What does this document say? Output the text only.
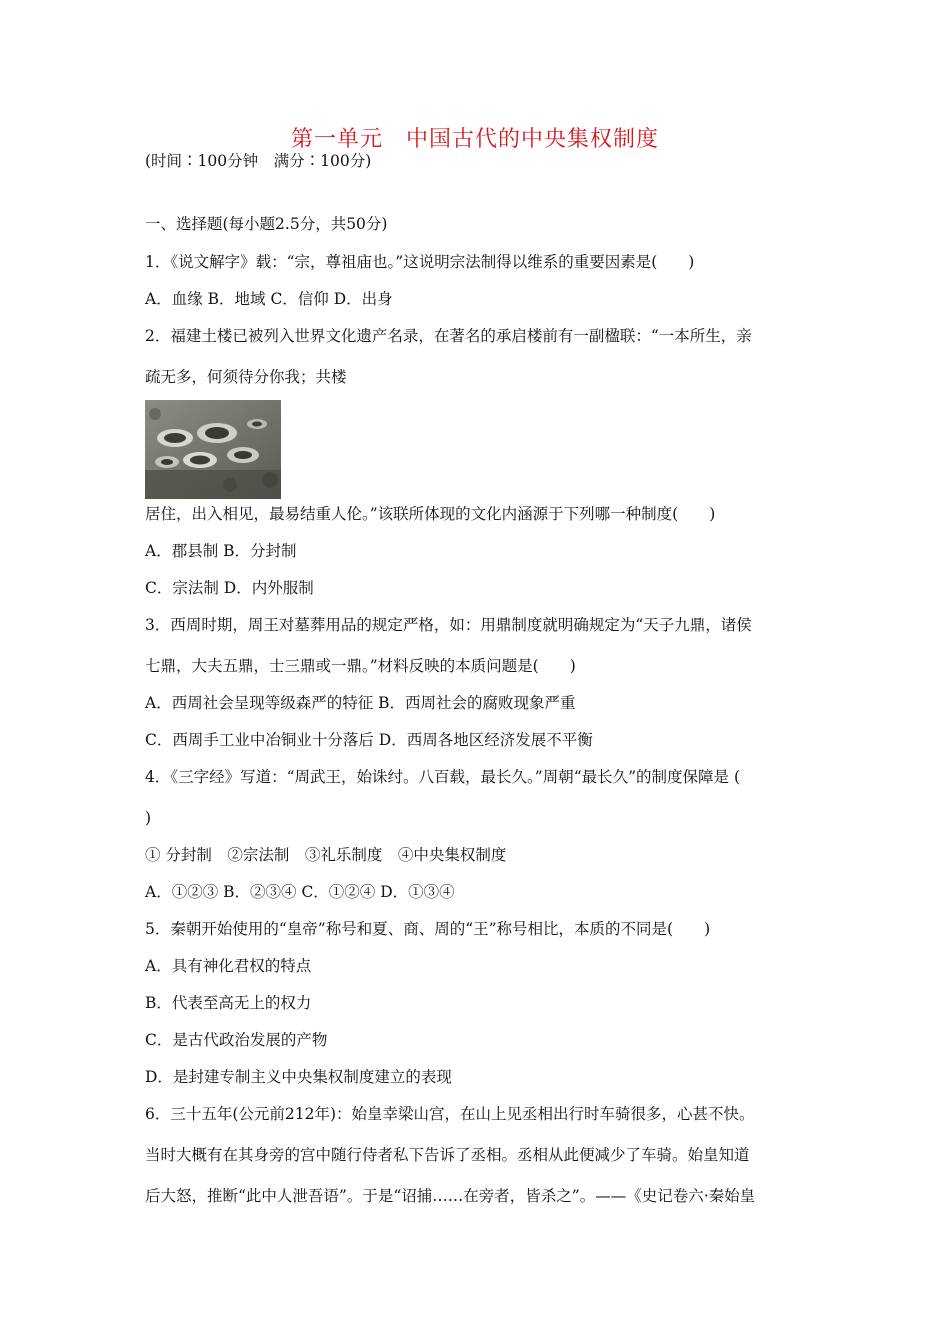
第一单元　中国古代的中央集权制度
(时间∶100分钟　满分∶100分)
一、选择题(每小题2.5分，共50分)
1．《说文解字》载：“宗，尊祖庙也。”这说明宗法制得以维系的重要因素是(　　)
A．血缘 B．地域 C．信仰 D．出身
2．福建土楼已被列入世界文化遗产名录，在著名的承启楼前有一副楹联：“一本所生，亲
疏无多，何须待分你我；共楼
居住，出入相见，最易结重人伦。”该联所体现的文化内涵源于下列哪一种制度(　　)
A．郡县制 B．分封制
C．宗法制 D．内外服制
3．西周时期，周王对墓葬用品的规定严格，如：用鼎制度就明确规定为“天子九鼎，诸侯
七鼎，大夫五鼎，士三鼎或一鼎。”材料反映的本质问题是(　　)
A．西周社会呈现等级森严的特征 B．西周社会的腐败现象严重
C．西周手工业中冶铜业十分落后 D．西周各地区经济发展不平衡
4．《三字经》写道：“周武王，始诛纣。八百载，最长久。”周朝“最长久”的制度保障是 (
)
① 分封制　②宗法制　③礼乐制度　④中央集权制度
A．①②③ B．②③④ C．①②④ D．①③④
5．秦朝开始使用的“皇帝”称号和夏、商、周的“王”称号相比，本质的不同是(　　)
A．具有神化君权的特点
B．代表至高无上的权力
C．是古代政治发展的产物
D．是封建专制主义中央集权制度建立的表现
6．三十五年(公元前212年)：始皇幸梁山宫，在山上见丞相出行时车骑很多，心甚不快。
当时大概有在其身旁的宫中随行侍者私下告诉了丞相。丞相从此便减少了车骑。始皇知道
后大怒，推断“此中人泄吾语”。于是“诏捕……在旁者，皆杀之”。——《史记卷六·秦始皇
